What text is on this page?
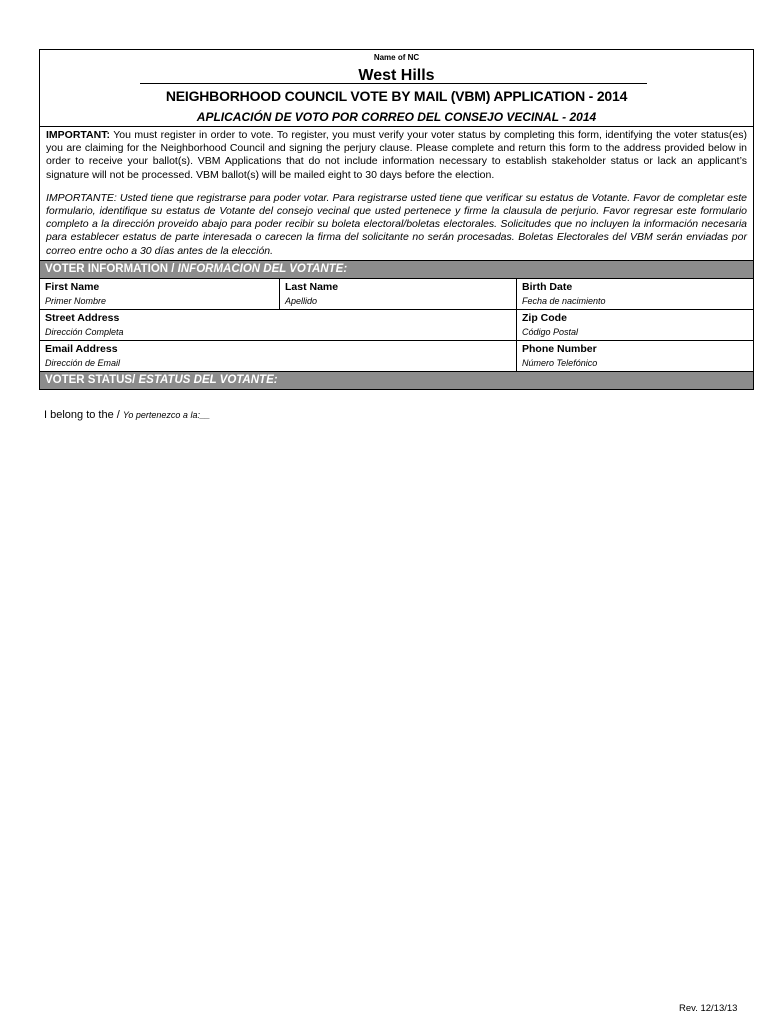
Name of NC
West Hills
NEIGHBORHOOD COUNCIL VOTE BY MAIL (VBM) APPLICATION - 2014
APLICACIÓN DE VOTO POR CORREO DEL CONSEJO VECINAL - 2014

IMPORTANT: You must register in order to vote. To register, you must verify your voter status by completing this form, identifying the voter status(es) you are claiming for the Neighborhood Council and signing the perjury clause. Please complete and return this form to the address provided below in order to receive your ballot(s). VBM Applications that do not include information necessary to establish stakeholder status or lack an applicant’s signature will not be processed. VBM ballot(s) will be mailed eight to 30 days before the election.

IMPORTANTE: Usted tiene que registrarse para poder votar. Para registrarse usted tiene que verificar su estatus de Votante. Favor de completar este formulario, identifique su estatus de Votante del consejo vecinal que usted pertenece y firme la clausula de perjurio. Favor regresar este formulario completo a la dirección proveido abajo para poder recibir su boleta electoral/boletas electorales. Solicitudes que no incluyen la información necesaria para establecer estatus de parte interesada o carecen la firma del solicitante no serán procesadas. Boletas Electorales del VBM serán enviadas por correo entre ocho a 30 días antes de la elección.

VOTER INFORMATION / INFORMACION DEL VOTANTE:
First Name
Primer Nombre
Last Name
Apellido
Birth Date
Fecha de nacimiento
Street Address
Dirección Completa
Zip Code
Código Postal
Email Address
Dirección de Email
Phone Number
Número Telefónico
VOTER STATUS/ ESTATUS DEL VOTANTE:
I belong to the / Yo pertenezco a la:__
Rev. 12/13/13
